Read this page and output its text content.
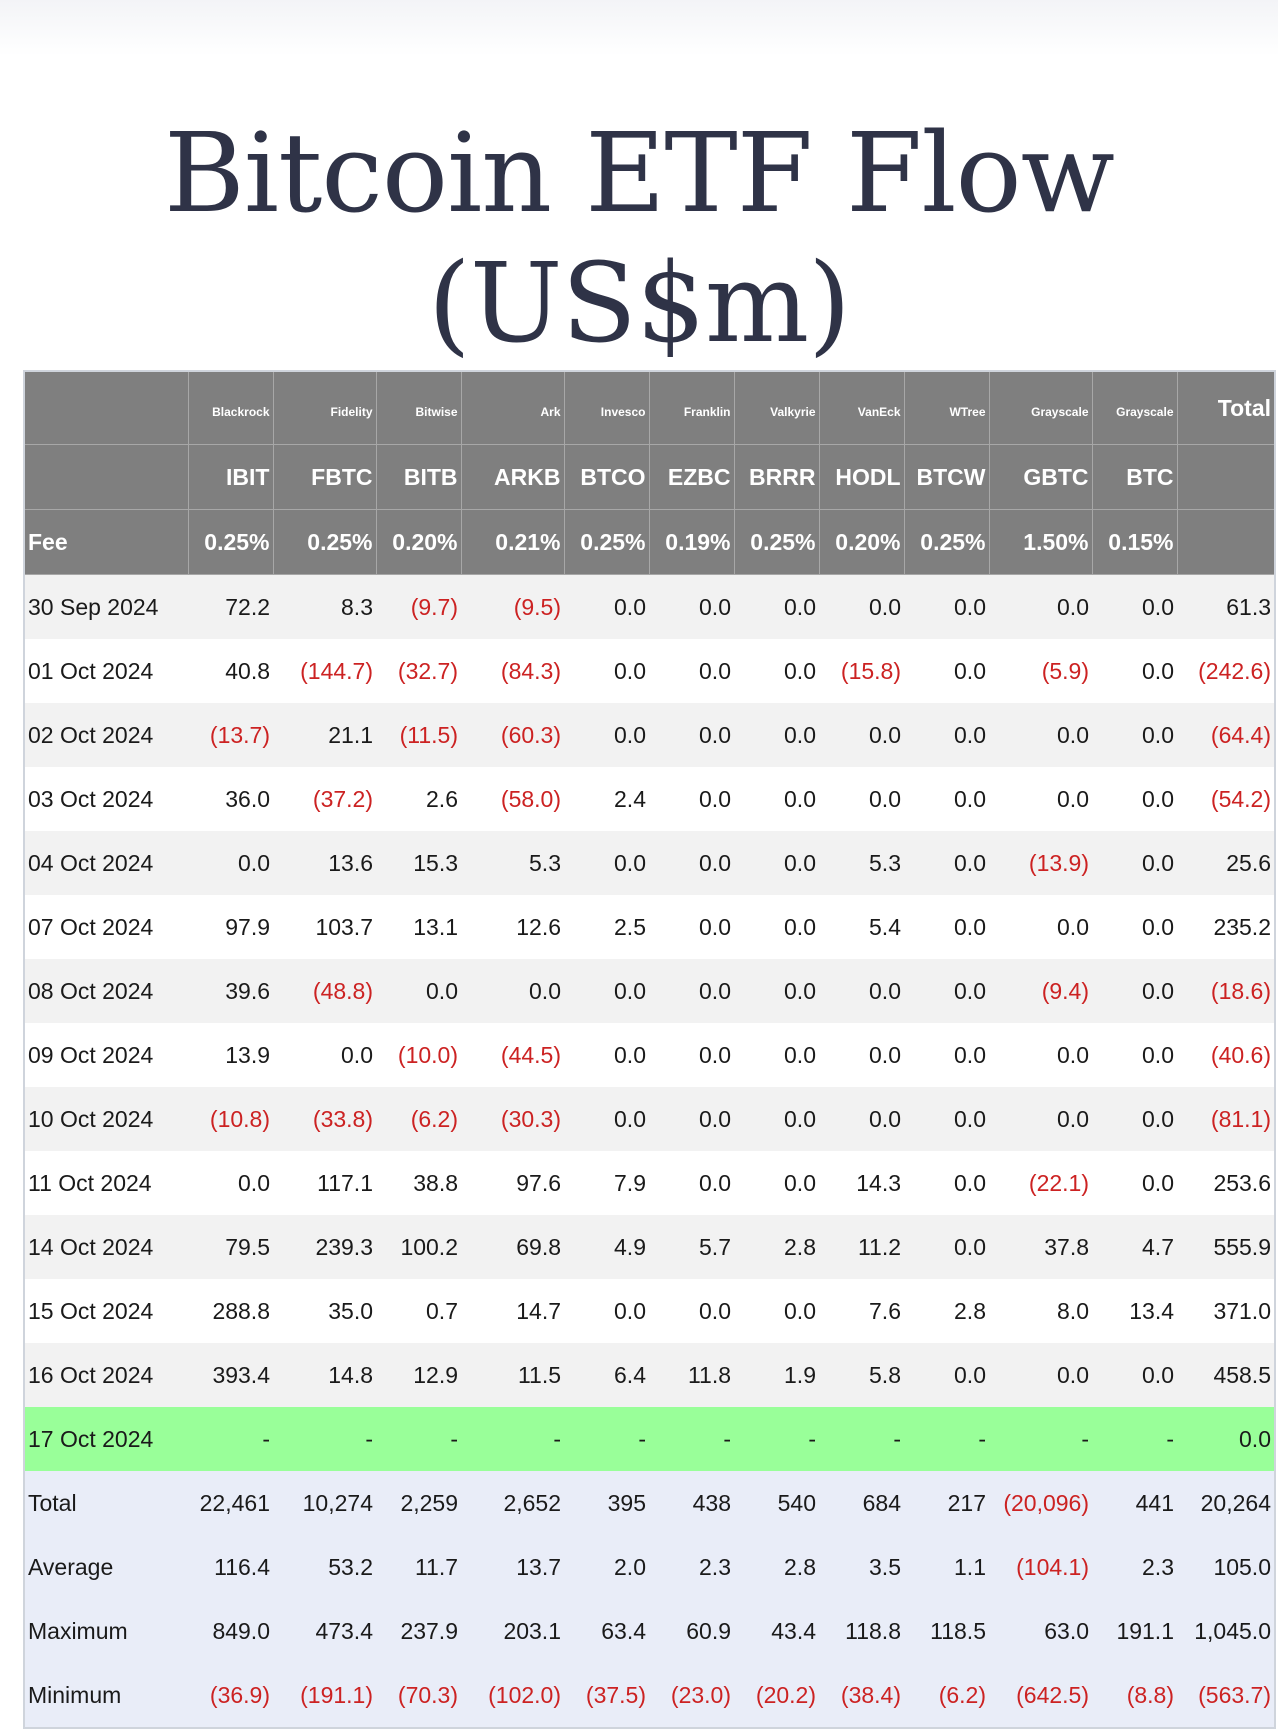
Bitcoin ETF Flow (US$m)
	Blackrock	Fidelity	Bitwise	Ark	Invesco	Franklin	Valkyrie	VanEck	WTree	Grayscale	Grayscale	Total
	IBIT	FBTC	BITB	ARKB	BTCO	EZBC	BRRR	HODL	BTCW	GBTC	BTC	
Fee	0.25%	0.25%	0.20%	0.21%	0.25%	0.19%	0.25%	0.20%	0.25%	1.50%	0.15%	
30 Sep 2024	72.2	8.3	(9.7)	(9.5)	0.0	0.0	0.0	0.0	0.0	0.0	0.0	61.3
01 Oct 2024	40.8	(144.7)	(32.7)	(84.3)	0.0	0.0	0.0	(15.8)	0.0	(5.9)	0.0	(242.6)
02 Oct 2024	(13.7)	21.1	(11.5)	(60.3)	0.0	0.0	0.0	0.0	0.0	0.0	0.0	(64.4)
03 Oct 2024	36.0	(37.2)	2.6	(58.0)	2.4	0.0	0.0	0.0	0.0	0.0	0.0	(54.2)
04 Oct 2024	0.0	13.6	15.3	5.3	0.0	0.0	0.0	5.3	0.0	(13.9)	0.0	25.6
07 Oct 2024	97.9	103.7	13.1	12.6	2.5	0.0	0.0	5.4	0.0	0.0	0.0	235.2
08 Oct 2024	39.6	(48.8)	0.0	0.0	0.0	0.0	0.0	0.0	0.0	(9.4)	0.0	(18.6)
09 Oct 2024	13.9	0.0	(10.0)	(44.5)	0.0	0.0	0.0	0.0	0.0	0.0	0.0	(40.6)
10 Oct 2024	(10.8)	(33.8)	(6.2)	(30.3)	0.0	0.0	0.0	0.0	0.0	0.0	0.0	(81.1)
11 Oct 2024	0.0	117.1	38.8	97.6	7.9	0.0	0.0	14.3	0.0	(22.1)	0.0	253.6
14 Oct 2024	79.5	239.3	100.2	69.8	4.9	5.7	2.8	11.2	0.0	37.8	4.7	555.9
15 Oct 2024	288.8	35.0	0.7	14.7	0.0	0.0	0.0	7.6	2.8	8.0	13.4	371.0
16 Oct 2024	393.4	14.8	12.9	11.5	6.4	11.8	1.9	5.8	0.0	0.0	0.0	458.5
17 Oct 2024	-	-	-	-	-	-	-	-	-	-	-	0.0
Total	22,461	10,274	2,259	2,652	395	438	540	684	217	(20,096)	441	20,264
Average	116.4	53.2	11.7	13.7	2.0	2.3	2.8	3.5	1.1	(104.1)	2.3	105.0
Maximum	849.0	473.4	237.9	203.1	63.4	60.9	43.4	118.8	118.5	63.0	191.1	1,045.0
Minimum	(36.9)	(191.1)	(70.3)	(102.0)	(37.5)	(23.0)	(20.2)	(38.4)	(6.2)	(642.5)	(8.8)	(563.7)
